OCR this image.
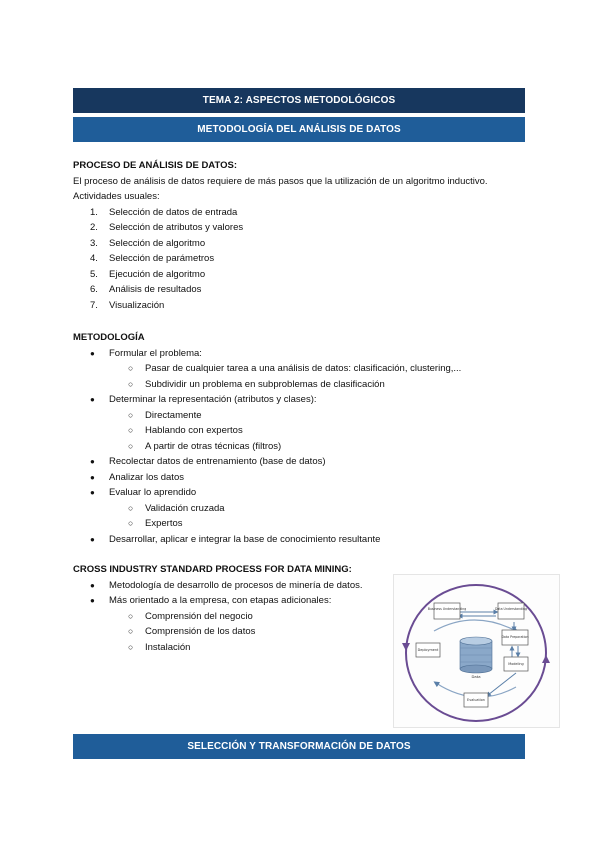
TEMA 2: ASPECTOS METODOLÓGICOS
METODOLOGÍA DEL ANÁLISIS DE DATOS
PROCESO DE ANÁLISIS DE DATOS:
El proceso de análisis de datos requiere de más pasos que la utilización de un algoritmo inductivo.
Actividades usuales:
1. Selección de datos de entrada
2. Selección de atributos y valores
3. Selección de algoritmo
4. Selección de parámetros
5. Ejecución de algoritmo
6. Análisis de resultados
7. Visualización
METODOLOGÍA
● Formular el problema:
○ Pasar de cualquier tarea a una análisis de datos: clasificación, clustering,...
○ Subdividir un problema en subproblemas de clasificación
● Determinar la representación (atributos y clases):
○ Directamente
○ Hablando con expertos
○ A partir de otras técnicas (filtros)
● Recolectar datos de entrenamiento (base de datos)
● Analizar los datos
● Evaluar lo aprendido
○ Validación cruzada
○ Expertos
● Desarrollar, aplicar e integrar la base de conocimiento resultante
CROSS INDUSTRY STANDARD PROCESS FOR DATA MINING:
● Metodología de desarrollo de procesos de minería de datos.
● Más orientado a la empresa, con etapas adicionales:
○ Comprensión del negocio
○ Comprensión de los datos
○ Instalación
Business Understanding	Data Understanding
Data Preparation
Modeling
Evaluation
Deployment
Data
SELECCIÓN Y TRANSFORMACIÓN DE DATOS
